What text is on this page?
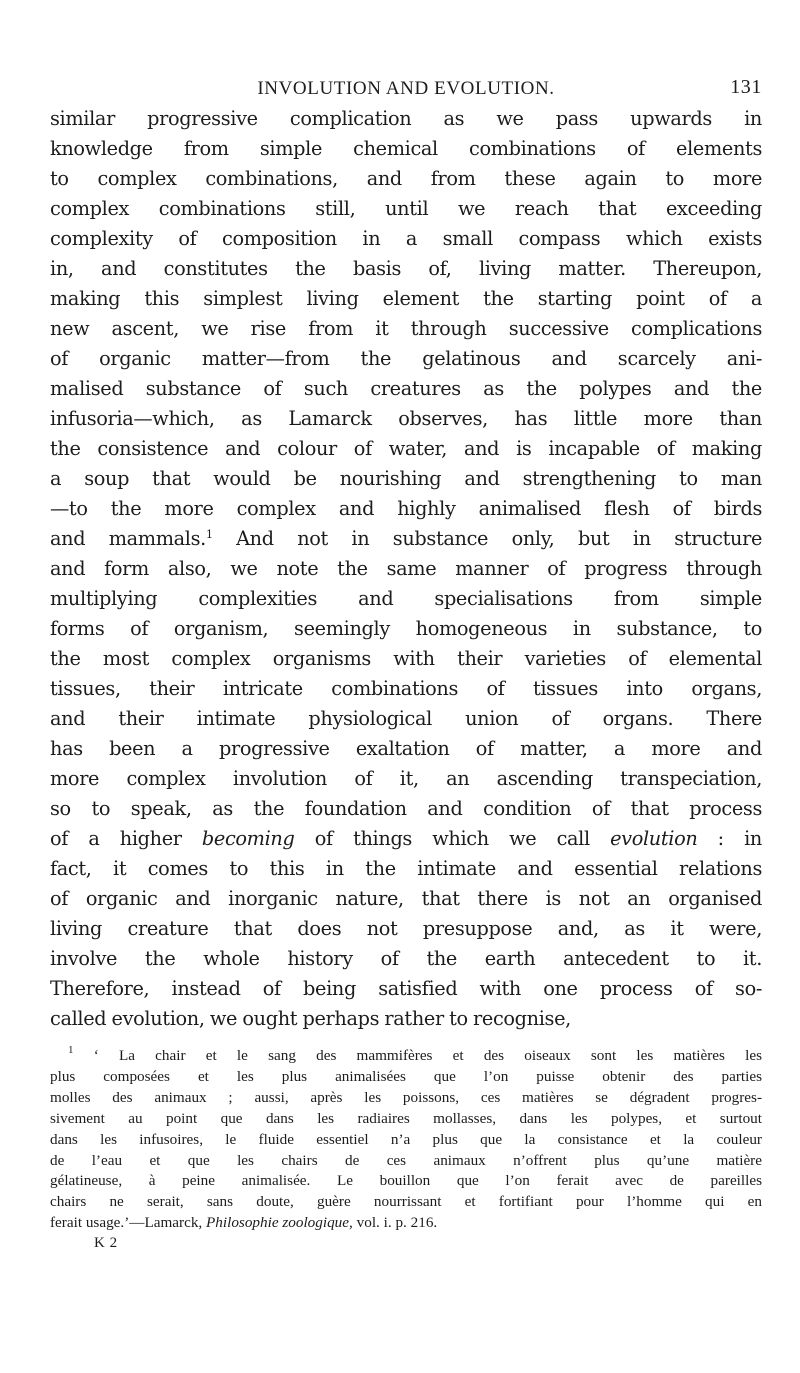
INVOLUTION AND EVOLUTION.	131
similar progressive complication as we pass upwards in
knowledge from simple chemical combinations of elements
to complex combinations, and from these again to more
complex combinations still, until we reach that exceeding
complexity of composition in a small compass which exists
in, and constitutes the basis of, living matter. Thereupon,
making this simplest living element the starting point of a
new ascent, we rise from it through successive complications
of organic matter—from the gelatinous and scarcely ani-
malised substance of such creatures as the polypes and the
infusoria—which, as Lamarck observes, has little more than
the consistence and colour of water, and is incapable of making
a soup that would be nourishing and strengthening to man
—to the more complex and highly animalised flesh of birds
and mammals.$^1$ And not in substance only, but in structure
and form also, we note the same manner of progress through
multiplying complexities and specialisations from simple
forms of organism, seemingly homogeneous in substance, to
the most complex organisms with their varieties of elemental
tissues, their intricate combinations of tissues into organs,
and their intimate physiological union of organs. There
has been a progressive exaltation of matter, a more and
more complex involution of it, an ascending transpeciation,
so to speak, as the foundation and condition of that process
of a higher becoming of things which we call evolution : in
fact, it comes to this in the intimate and essential relations
of organic and inorganic nature, that there is not an organised
living creature that does not presuppose and, as it were,
involve the whole history of the earth antecedent to it.
Therefore, instead of being satisfied with one process of so-
called evolution, we ought perhaps rather to recognise,
$^1$ ‘ La chair et le sang des mammifères et des oiseaux sont les matières les
plus composées et les plus animalisées que l’on puisse obtenir des parties
molles des animaux ; aussi, après les poissons, ces matières se dégradent progres-
sivement au point que dans les radiaires mollasses, dans les polypes, et surtout
dans les infusoires, le fluide essentiel n’a plus que la consistance et la couleur
de l’eau et que les chairs de ces animaux n’offrent plus qu’une matière
gélatineuse, à peine animalisée. Le bouillon que l’on ferait avec de pareilles
chairs ne serait, sans doute, guère nourrissant et fortifiant pour l’homme qui en
ferait usage.’—Lamarck, Philosophie zoologique, vol. i. p. 216.
K 2
